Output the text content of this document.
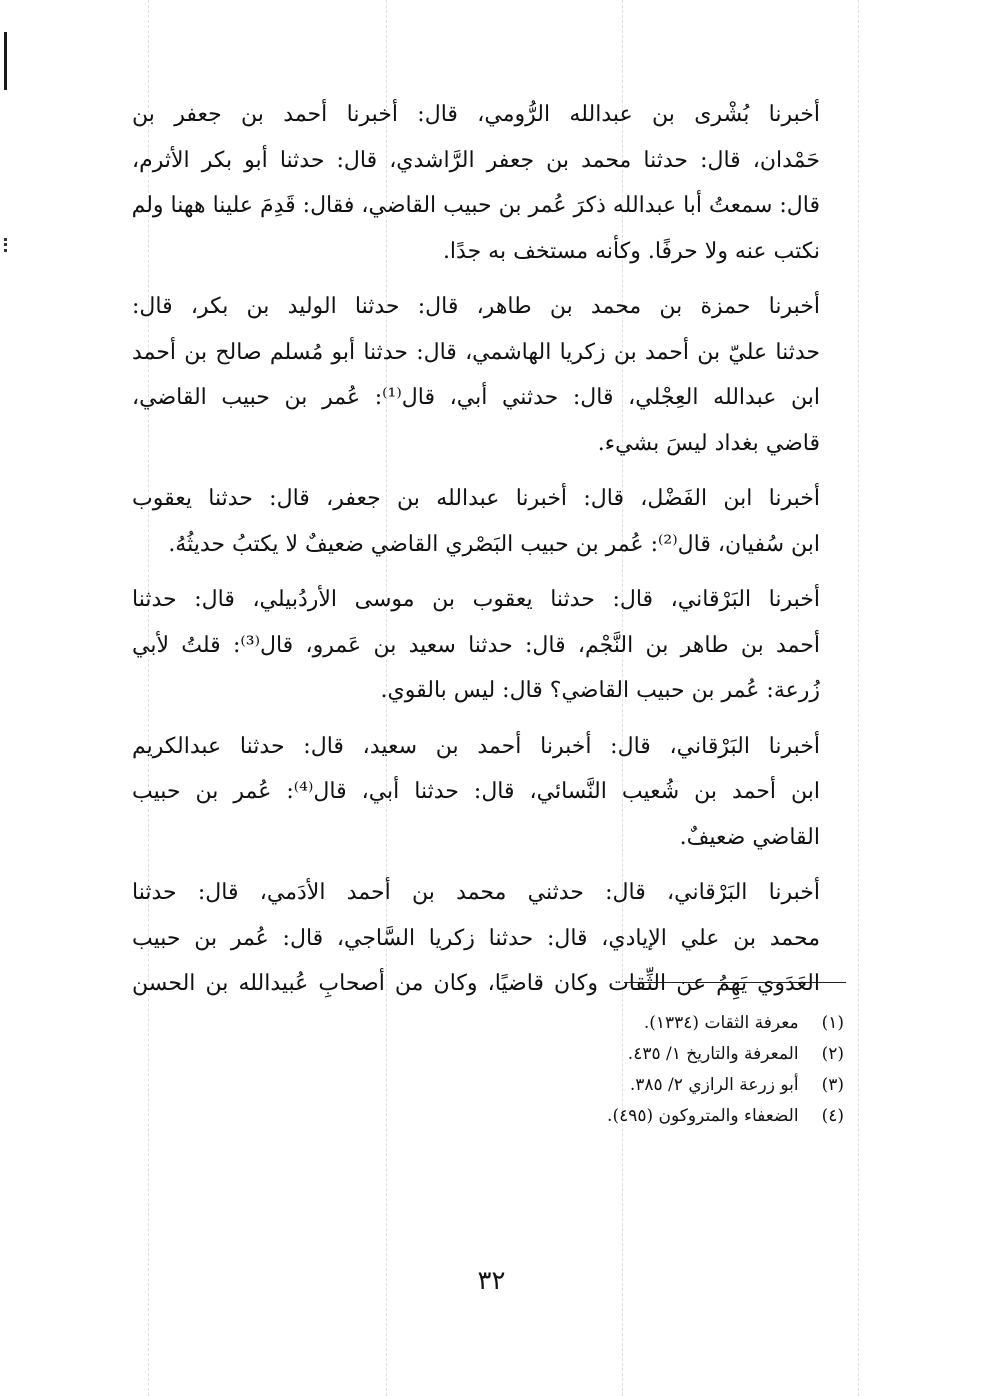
أخبرنا بُشْرى بن عبدالله الرُّومي، قال: أخبرنا أحمد بن جعفر بن
حَمْدان، قال: حدثنا محمد بن جعفر الرَّاشدي، قال: حدثنا أبو بكر الأثرم،
قال: سمعتُ أبا عبدالله ذكرَ عُمر بن حبيب القاضي، فقال: قَدِمَ علينا ههنا ولم
نكتب عنه ولا حرفًا. وكأنه مستخف به جدًا.

أخبرنا حمزة بن محمد بن طاهر، قال: حدثنا الوليد بن بكر، قال:
حدثنا عليّ بن أحمد بن زكريا الهاشمي، قال: حدثنا أبو مُسلم صالح بن أحمد
ابن عبدالله العِجْلي، قال: حدثني أبي، قال⁽¹⁾: عُمر بن حبيب القاضي،
قاضي بغداد ليسَ بشيء.

أخبرنا ابن الفَضْل، قال: أخبرنا عبدالله بن جعفر، قال: حدثنا يعقوب
ابن سُفيان، قال⁽²⁾: عُمر بن حبيب البَصْري القاضي ضعيفٌ لا يكتبُ حديثُهُ.

أخبرنا البَرْقاني، قال: حدثنا يعقوب بن موسى الأردُبيلي، قال: حدثنا
أحمد بن طاهر بن النَّجْم، قال: حدثنا سعيد بن عَمرو، قال⁽³⁾: قلتُ لأبي
زُرعة: عُمر بن حبيب القاضي؟ قال: ليس بالقوي.

أخبرنا البَرْقاني، قال: أخبرنا أحمد بن سعيد، قال: حدثنا عبدالكريم
ابن أحمد بن شُعيب النَّسائي، قال: حدثنا أبي، قال⁽⁴⁾: عُمر بن حبيب
القاضي ضعيفٌ.

أخبرنا البَرْقاني، قال: حدثني محمد بن أحمد الأدَمي، قال: حدثنا
محمد بن علي الإيادي، قال: حدثنا زكريا السَّاجي، قال: عُمر بن حبيب
العَدَوي يَهِمُ عن الثِّقات وكان قاضيًا، وكان من أصحابِ عُبيدالله بن الحسن

(١) معرفة الثقات (١٣٣٤).
(٢) المعرفة والتاريخ ١/ ٤٣٥.
(٣) أبو زرعة الرازي ٢/ ٣٨٥.
(٤) الضعفاء والمتروكون (٤٩٥).
٣٢
